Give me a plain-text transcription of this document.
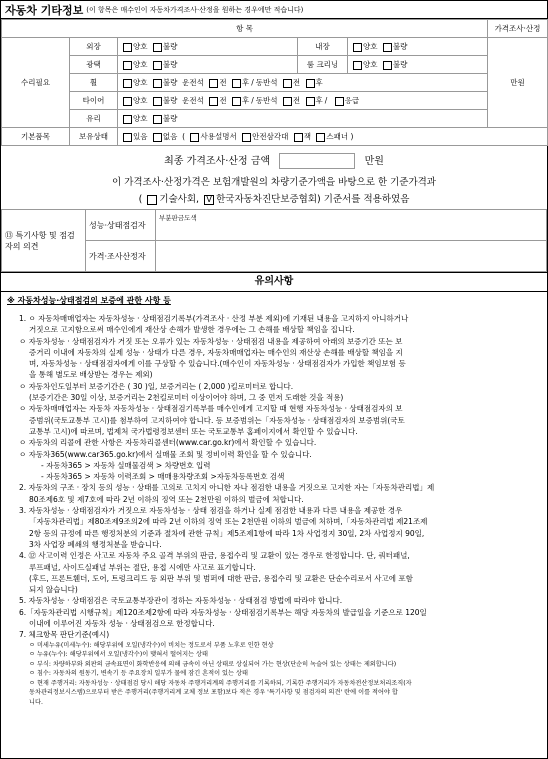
자동차 기타정보 (이 항목은 매수인이 자동차가격조사·산정을 원하는 경우에만 적습니다)
항 목					가격조사·산정
수리필요	외장	양호 불량	내장	양호 불량	만원
	광택	양호 불량	룸 크리닝	양호 불량	
	휠	양호 불량 운전석 전 후 / 동반석 전 후			
	타이어	양호 불량 운전석 전 후 / 동반석 전 후 / 응급			
	유리	양호 불량			
기본품목	보유상태	있음 없음  ( 사용설명서 안전삼각대 잭 스패너 )			
최종 가격조사·산정 금액	만원
이 가격조사·산정가격은 보험개발원의 차량기준가액을 바탕으로 한 기준가격과
( 기술사회, V 한국자동차진단보증협회) 기준서를 적용하였음
⑬ 특기사항 및 점검자의 의견	성능·상태점검자	부분판금도색
	가격·조사산정자	
유의사항
※ 자동차성능·상태점검의 보증에 관한 사항 등

1. ㅇ 자동차매매업자는 자동차성능 · 상태점검기록부(가격조사 · 산정 부분 제외)에 기재된 내용을 고지하지 아니하거나

거짓으로 고지함으로써 매수인에게 재산상 손해가 발생한 경우에는 그 손해를 배상할 책임을 집니다.

ㅇ 자동차성능 · 상태점검자가 거짓 또는 오류가 있는 자동차성능 · 상태점검 내용을 제공하여 아래의 보증기간 또는 보

증거리 이내에 자동차의 실제 성능 · 상태가 다른 경우, 자동차매매업자는 매수인의 재산상 손해를 배상할 책임을 지

며, 자동차성능 · 상태점검자에게 이를 구상할 수 있습니다.(매수인이 자동차성능 · 상태점검자가 가입한 책임보험 등

을 통해 별도로 배상받는 경우는 제외)

ㅇ 자동차인도일부터 보증기간은 ( 30 )일, 보증거리는 ( 2,000 )킬로미터로 합니다.

(보증기간은 30일 이상, 보증거리는 2천킬로미터 이상이어야 하며, 그 중 먼저 도래한 것을 적용)

ㅇ 자동차매매업자는 자동차 자동차성능 · 상태점검기록부를 매수인에게 고지할 때 현행 자동차성능 · 상태점검자의 보

증범위(국토교통부 고시)를 첨부하여 고지하여야 합니다. 등 보증범위는「자동차성능 · 상태점검자의 보증범위(국토

교통부 고시)에 따르며, 법제처 국가법령정보센터 또는 국토교통부 홈페이지에서 확인할 수 있습니다.

ㅇ 자동차의 리콜에 관한 사항은 자동차리콜센터(www.car.go.kr)에서 확인할 수 있습니다.

ㅇ 자동차365(www.car365.go.kr)에서 실매물 조회 및 정비이력 확인을 할 수 있습니다.

- 자동차365 > 자동차 실매물검색 > 차량번호 입력

- 자동차365 > 자동차 이력조회 > 매매용차량조회 >자동차등록번호 검색

2. 자동차의 구조 · 장치 등의 성능 · 상태를 고의로 고치지 아니한 자나 점검한 내용을 거짓으로 고지한 자는「자동차관리법」제

80조제6호 및 제7호에 따라 2년 이하의 징역 또는 2천만원 이하의 벌금에 처합니다.

3. 자동차성능 · 상태점검자가 거짓으로 자동차성능 · 상태 점검을 하거나 실제 점검한 내용과 다른 내용을 제공한 경우

「자동차관리법」제80조제9조의2에 따라 2년 이하의 징역 또는 2천만원 이하의 벌금에 처하며,「자동차관리법 제21조제

2항 등의 규정에 따른 행정처분의 기준과 절차에 관한 규칙」제5조제1항에 따라 1차 사업정지 30일, 2차 사업정지 90일,

3차 사업장 폐쇄의 행정처분을 받습니다.

4. ⑫ 사고이력 인정은 사고로 자동차 주요 골격 부위의 판금, 용접수리 및 교환이 있는 경우로 한정합니다. 단, 쿼터패널,

루프패널, 사이드실패널 부위는 절단, 용접 시에만 사고로 표기합니다.

(후드, 프론트휀더, 도어, 트렁크리드 등 외판 부위 및 범퍼에 대한 판금, 용접수리 및 교환은 단순수리로서 사고에 포함

되지 않습니다)

5. 자동차성능 · 상태점검은 국토교통부장관이 정하는 자동차성능 · 상태점검 방법에 따라야 합니다.

6.「자동차관리법 시행규칙」제120조제2항에 따라 자동차성능 · 상태점검기록부는 해당 자동차의 발급일을 기준으로 120일

이내에 이루어진 자동차 성능 · 상태점검으로 한정합니다.

7. 체크항목 판단기준(예시)

ㅇ 미세누유(미세누수): 해당부위에 오일(냉각수)이 비치는 정도로서 부품 노후로 인한 현상

ㅇ 누유(누수): 해당부위에서 오일(냉각수)이 맺혀서 떨어지는 상태

ㅇ 부식: 차량하부와 외판의 금속표면이 화학반응에 의해 금속이 아닌 상태로 상실되어 가는 현상(단순히 녹슬어 있는 상태는 제외합니다)

ㅇ 침수: 자동차의 원동기, 변속기 등 주요장치 일부가 물에 잠긴 흔적이 있는 상태

ㅇ 현재 주행거리: 자동차성능 · 상태점검 당시 해당 자동차 주행거리계의 주행거리를 기록하되, 기록한 주행거리가 자동차전산정보처리조직(자

동차관리정보시스템)으로부터 받은 주행거리(주행거리계 교체 정보 포함)보다 적은 경우 '특기사항 및 점검자의 의견' 란에 이를 적어야 합

니다.
